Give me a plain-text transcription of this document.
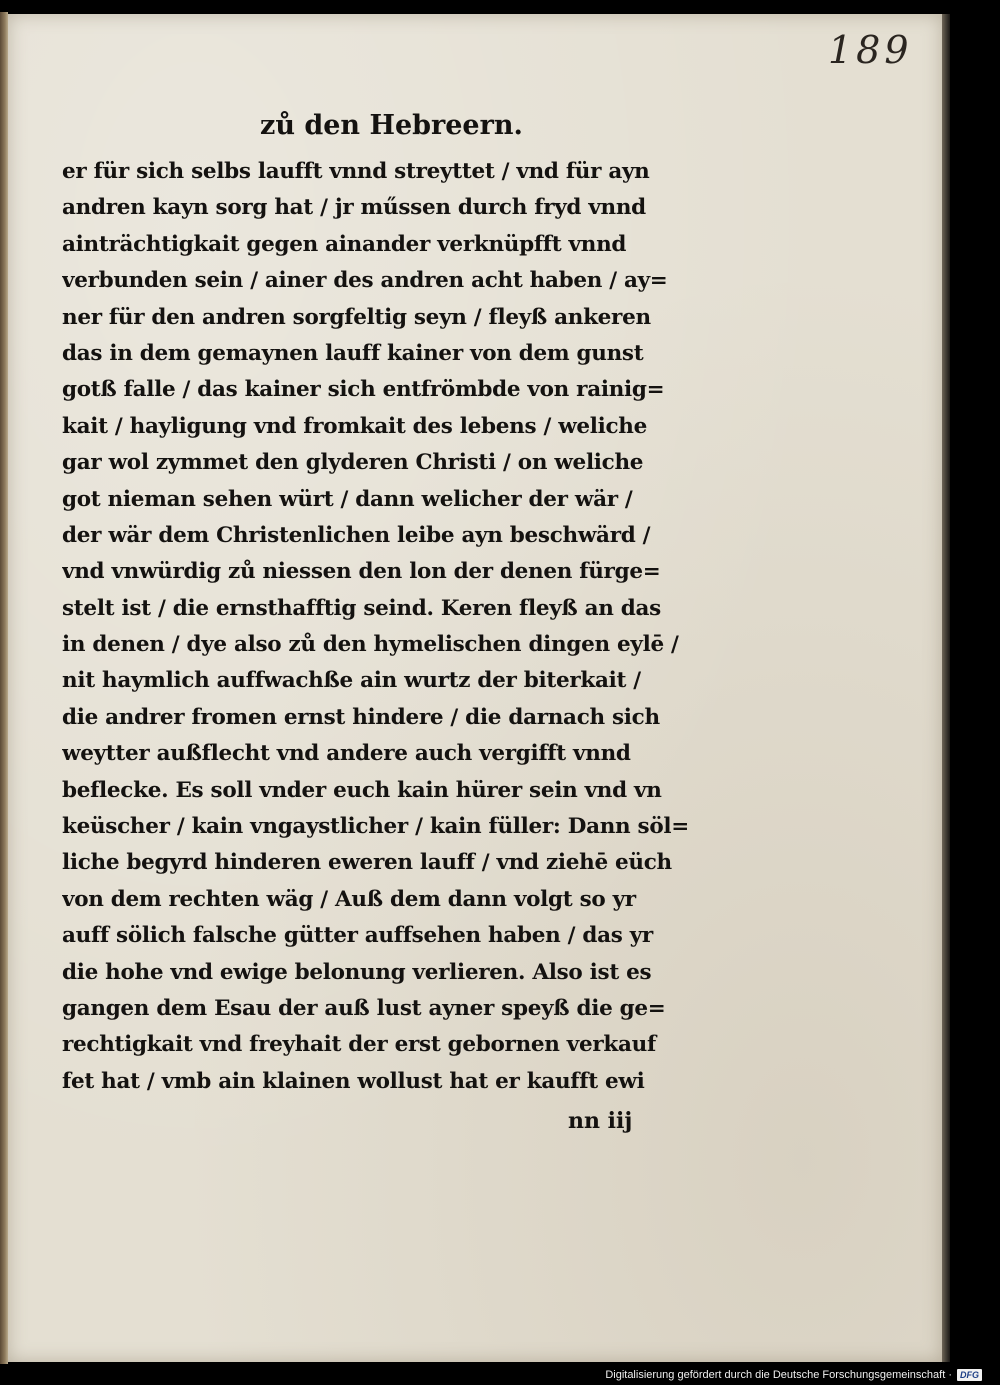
189
zů den Hebreern.
er für sich selbs laufft vnnd streyttet / vnd für ayn
andren kayn sorg hat / jr műssen durch fryd vnnd
ainträchtigkait gegen ainander verknüpfft vnnd
verbunden sein / ainer des andren acht haben / ay=
ner für den andren sorgfeltig seyn / fleyß ankeren
das in dem gemaynen lauff kainer von dem gunst
gotß falle / das kainer sich entfrömbde von rainig=
kait / hayligung vnd fromkait des lebens / weliche
gar wol zymmet den glyderen Christi / on weliche
got nieman sehen würt / dann welicher der wär /
der wär dem Christenlichen leibe ayn beschwärd /
vnd vnwürdig zů niessen den lon der denen fürge=
stelt ist / die ernsthafftig seind. Keren fleyß an das
in denen / dye also zů den hymelischen dingen eylē /
nit haymlich auffwachße ain wurtz der biterkait /
die andrer fromen ernst hindere / die darnach sich
weytter außflecht vnd andere auch vergifft vnnd
beflecke. Es soll vnder euch kain hürer sein vnd vn
keüscher / kain vngaystlicher / kain füller: Dann söl=
liche begyrd hinderen eweren lauff / vnd ziehē eüch
von dem rechten wäg / Auß dem dann volgt so yr
auff sölich falsche gütter auffsehen haben / das yr
die hohe vnd ewige belonung verlieren. Also ist es
gangen dem Esau der auß lust ayner speyß die ge=
rechtigkait vnd freyhait der erst gebornen verkauf
fet hat / vmb ain klainen wollust hat er kaufft ewi
nn iij
Digitalisierung gefördert durch die Deutsche Forschungsgemeinschaft · DFG
